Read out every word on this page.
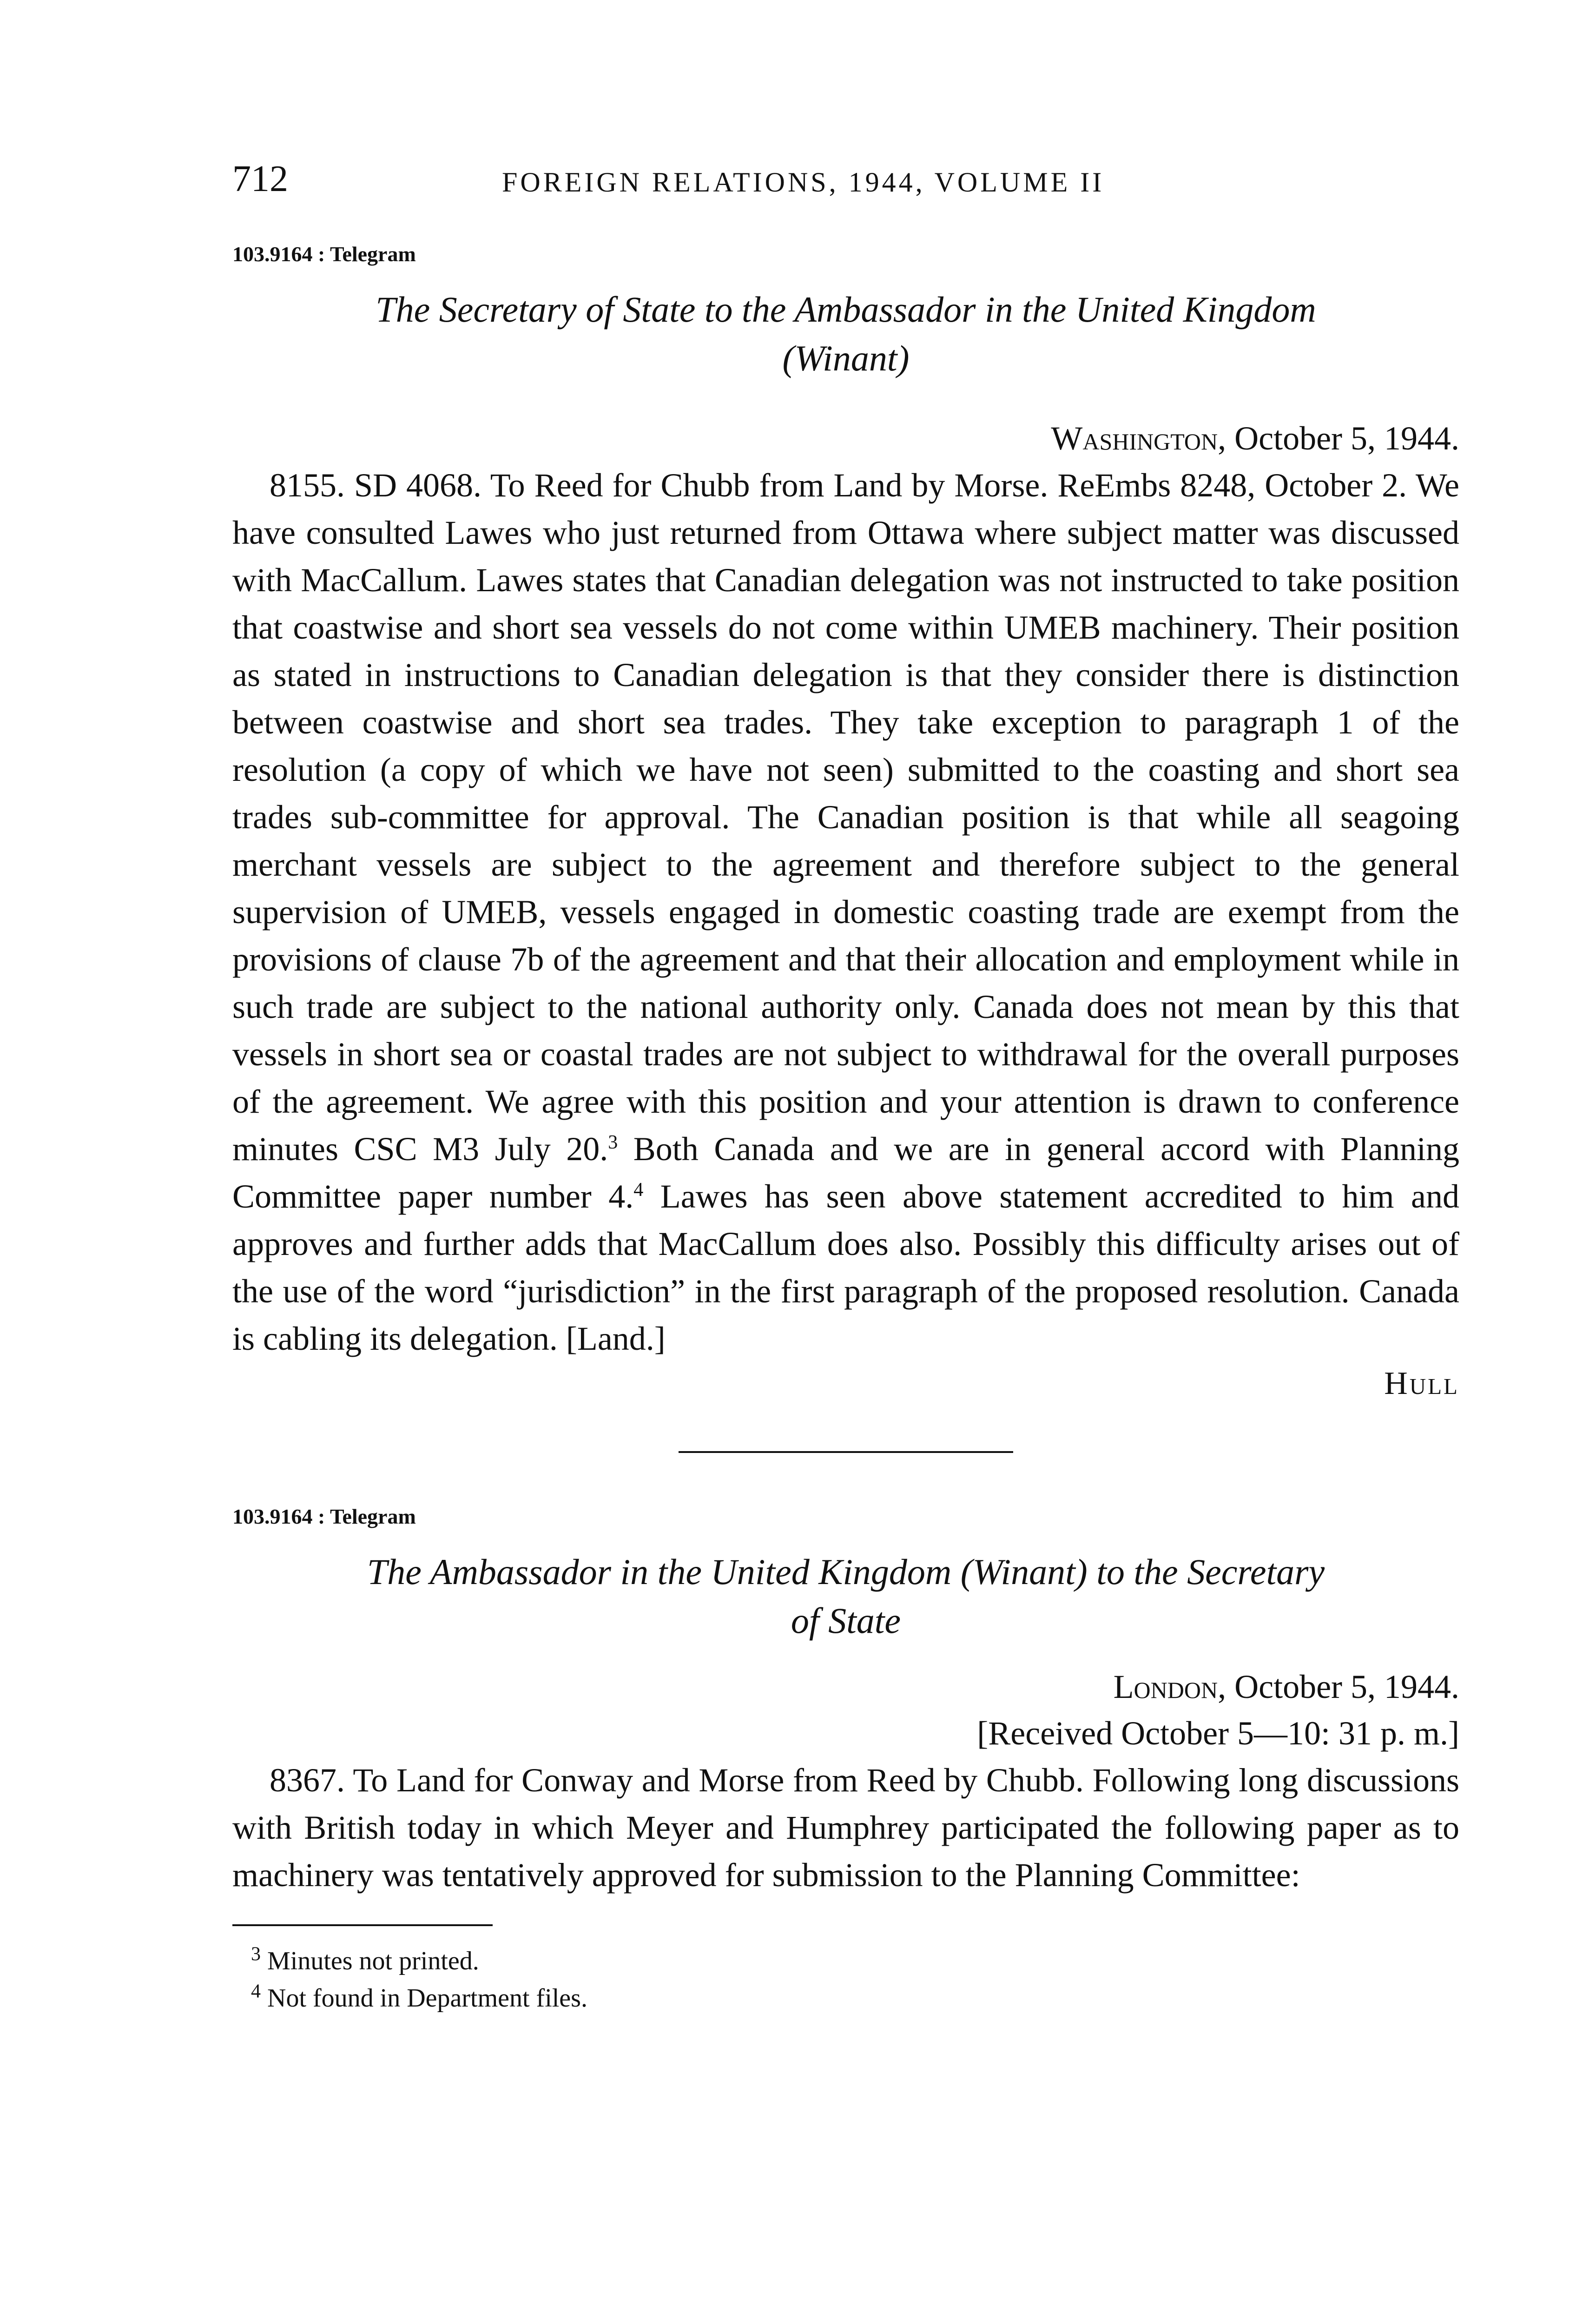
712	FOREIGN RELATIONS, 1944, VOLUME II
103.9164 : Telegram
The Secretary of State to the Ambassador in the United Kingdom
(Winant)
Washington, October 5, 1944.

8155. SD 4068. To Reed for Chubb from Land by Morse. ReEmbs 8248, October 2. We have consulted Lawes who just returned from Ottawa where subject matter was discussed with MacCallum. Lawes states that Canadian delegation was not instructed to take position that coastwise and short sea vessels do not come within UMEB machinery. Their position as stated in instructions to Canadian delegation is that they consider there is distinction between coastwise and short sea trades. They take exception to paragraph 1 of the resolution (a copy of which we have not seen) submitted to the coasting and short sea trades sub-committee for approval. The Canadian position is that while all seagoing merchant vessels are subject to the agreement and therefore subject to the general supervision of UMEB, vessels engaged in domestic coasting trade are exempt from the provisions of clause 7b of the agreement and that their allocation and employment while in such trade are subject to the national authority only. Canada does not mean by this that vessels in short sea or coastal trades are not subject to withdrawal for the overall purposes of the agreement. We agree with this position and your attention is drawn to conference minutes CSC M3 July 20.$^3$ Both Canada and we are in general accord with Planning Committee paper number 4.$^4$ Lawes has seen above statement accredited to him and approves and further adds that MacCallum does also. Possibly this difficulty arises out of the use of the word “jurisdiction” in the first paragraph of the proposed resolution. Canada is cabling its delegation. [Land.]

Hull
103.9164 : Telegram
The Ambassador in the United Kingdom (Winant) to the Secretary
of State
London, October 5, 1944.
[Received October 5—10: 31 p. m.]

8367. To Land for Conway and Morse from Reed by Chubb. Following long discussions with British today in which Meyer and Humphrey participated the following paper as to machinery was tentatively approved for submission to the Planning Committee:

$^3$ Minutes not printed.
$^4$ Not found in Department files.
